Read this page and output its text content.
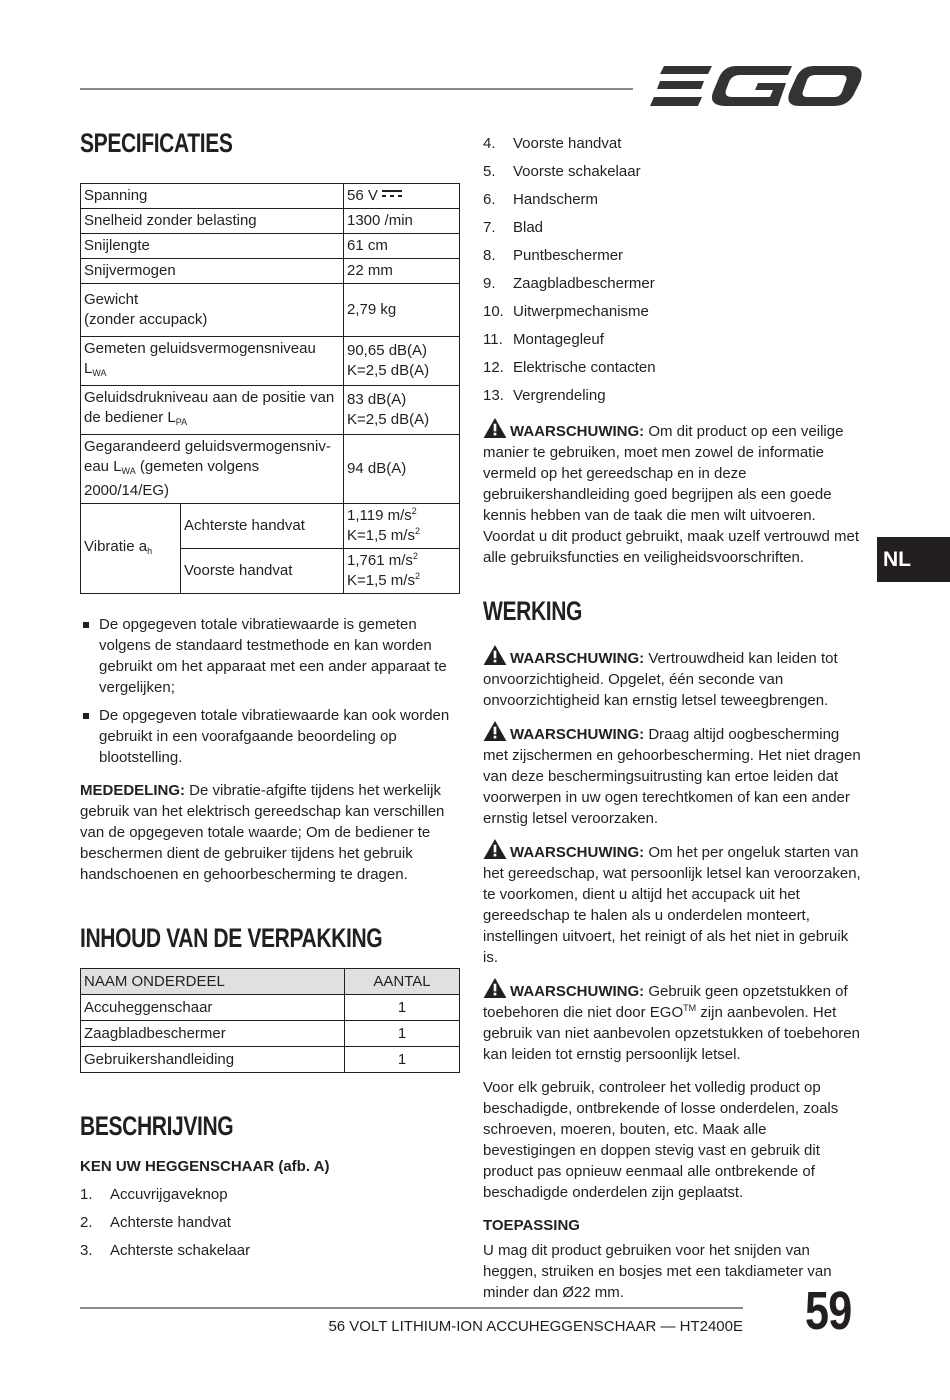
SPECIFICATIES
Spanning		56 V
Snelheid zonder belasting		1300 /min
Snijlengte		61 cm
Snijvermogen		22 mm
Gewicht
(zonder accupack)		2,79 kg
Gemeten geluidsvermogensniveau $L_{WA}$		90,65 dB(A)
K=2,5 dB(A)
Geluidsdrukniveau aan de positie van
de bediener $L_{PA}$		83 dB(A)
K=2,5 dB(A)
Gegarandeerd geluidsvermogensniv-
eau $L_{WA}$ (gemeten volgens 2000/14/EG)		94 dB(A)
Vibratie $a_h$	Achterste handvat	1,119 $m/s^2$
K=1,5 $m/s^2$
	Voorste handvat	1,761 $m/s^2$
K=1,5 $m/s^2$
De opgegeven totale vibratiewaarde is gemeten volgens de standaard testmethode en kan worden gebruikt om het apparaat met een ander apparaat te vergelijken;
De opgegeven totale vibratiewaarde kan ook worden gebruikt in een voorafgaande beoordeling op blootstelling.

MEDEDELING: De vibratie-afgifte tijdens het werkelijk gebruik van het elektrisch gereedschap kan verschillen van de opgegeven totale waarde; Om de bediener te beschermen dient de gebruiker tijdens het gebruik handschoenen en gehoorbescherming te dragen.

INHOUD VAN DE VERPAKKING
NAAM ONDERDEEL	AANTAL
Accuheggenschaar	1
Zaagbladbeschermer	1
Gebruikershandleiding	1
BESCHRIJVING
KEN UW HEGGENSCHAAR (afb. A)
1.	Accuvrijgaveknop
2.	Achterste handvat
3.	Achterste schakelaar
4.	Voorste handvat
5.	Voorste schakelaar
6.	Handscherm
7.	Blad
8.	Puntbeschermer
9.	Zaagbladbeschermer
10. Uitwerpmechanisme
11. Montagegleuf
12. Elektrische contacten
13. Vergrendeling

WAARSCHUWING: Om dit product op een veilige manier te gebruiken, moet men zowel de informatie vermeld op het gereedschap en in deze gebruikershandleiding goed begrijpen als een goede kennis hebben van de taak die men wilt uitvoeren. Voordat u dit product gebruikt, maak uzelf vertrouwd met alle gebruiksfuncties en veiligheidsvoorschriften.

WERKING

WAARSCHUWING: Vertrouwdheid kan leiden tot onvoorzichtigheid. Opgelet, één seconde van onvoorzichtigheid kan ernstig letsel teweegbrengen.

WAARSCHUWING: Draag altijd oogbescherming met zijschermen en gehoorbescherming. Het niet dragen van deze beschermingsuitrusting kan ertoe leiden dat voorwerpen in uw ogen terechtkomen of kan een ander ernstig letsel veroorzaken.

WAARSCHUWING: Om het per ongeluk starten van het gereedschap, wat persoonlijk letsel kan veroorzaken, te voorkomen, dient u altijd het accupack uit het gereedschap te halen als u onderdelen monteert, instellingen uitvoert, het reinigt of als het niet in gebruik is.

WAARSCHUWING: Gebruik geen opzetstukken of toebehoren die niet door EGO™ zijn aanbevolen. Het gebruik van niet aanbevolen opzetstukken of toebehoren kan leiden tot ernstig persoonlijk letsel.

Voor elk gebruik, controleer het volledig product op beschadigde, ontbrekende of losse onderdelen, zoals schroeven, moeren, bouten, etc. Maak alle bevestigingen en doppen stevig vast en gebruik dit product pas opnieuw eenmaal alle ontbrekende of beschadigde onderdelen zijn geplaatst.

TOEPASSING

U mag dit product gebruiken voor het snijden van heggen, struiken en bosjes met een takdiameter van minder dan Ø22 mm.

NL
56 VOLT LITHIUM-ION ACCUHEGGENSCHAAR — HT2400E 59
